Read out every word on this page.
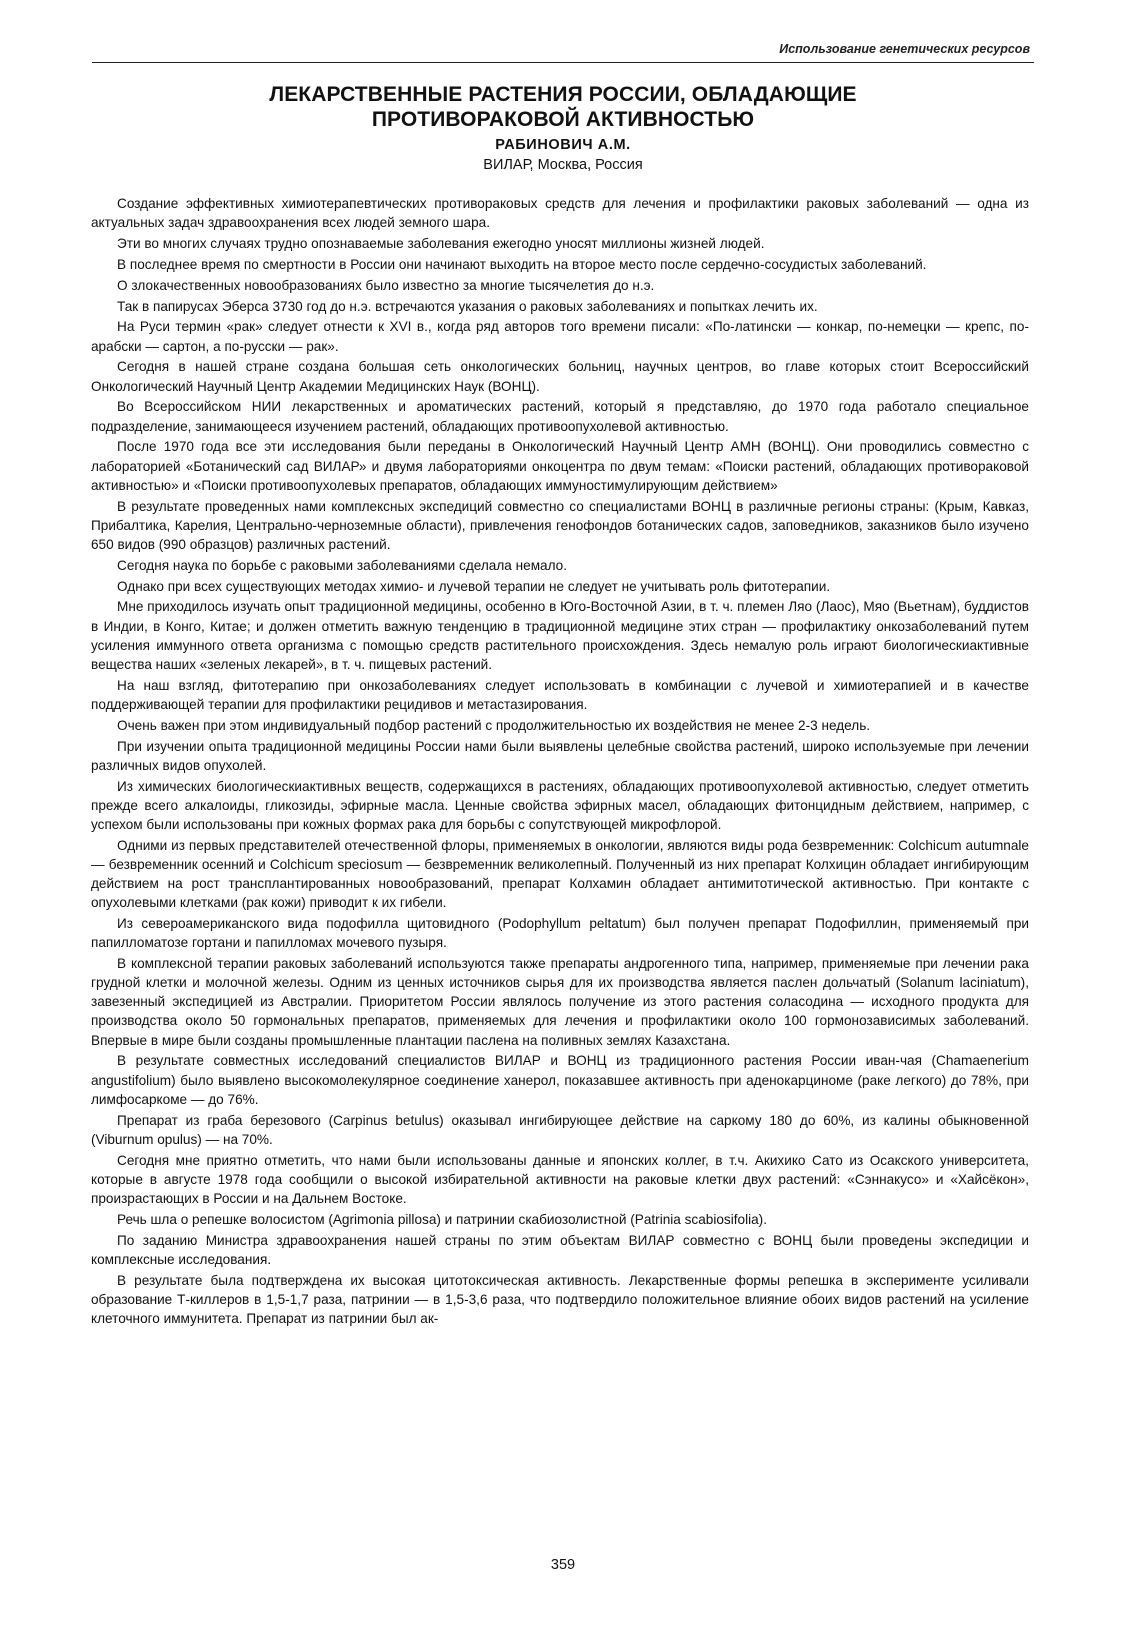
Использование генетических ресурсов
ЛЕКАРСТВЕННЫЕ РАСТЕНИЯ РОССИИ, ОБЛАДАЮЩИЕ
ПРОТИВОРАКОВОЙ АКТИВНОСТЬЮ
РАБИНОВИЧ А.М.
ВИЛАР, Москва, Россия

Создание эффективных химиотерапевтических противораковых средств для лечения и профилактики раковых заболеваний — одна из актуальных задач здравоохранения всех людей земного шара.

Эти во многих случаях трудно опознаваемые заболевания ежегодно уносят миллионы жизней людей.

В последнее время по смертности в России они начинают выходить на второе место после сердечно-сосудистых заболеваний.

О злокачественных новообразованиях было известно за многие тысячелетия до н.э.

Так в папирусах Эберса 3730 год до н.э. встречаются указания о раковых заболеваниях и попытках лечить их.

На Руси термин «рак» следует отнести к XVI в., когда ряд авторов того времени писали: «По-латински — конкар, по-немецки — крепс, по-арабски — сартон, а по-русски — рак».

Сегодня в нашей стране создана большая сеть онкологических больниц, научных центров, во главе которых стоит Всероссийский Онкологический Научный Центр Академии Медицинских Наук (ВОНЦ).

Во Всероссийском НИИ лекарственных и ароматических растений, который я представляю, до 1970 года работало специальное подразделение, занимающееся изучением растений, обладающих противоопухолевой активностью.

После 1970 года все эти исследования были переданы в Онкологический Научный Центр АМН (ВОНЦ). Они проводились совместно с лабораторией «Ботанический сад ВИЛАР» и двумя лабораториями онкоцентра по двум темам: «Поиски растений, обладающих противораковой активностью» и «Поиски противоопухолевых препаратов, обладающих иммуностимулирующим действием»

В результате проведенных нами комплексных экспедиций совместно со специалистами ВОНЦ в различные регионы страны: (Крым, Кавказ, Прибалтика, Карелия, Центрально-черноземные области), привлечения генофондов ботанических садов, заповедников, заказников было изучено 650 видов (990 образцов) различных растений.

Сегодня наука по борьбе с раковыми заболеваниями сделала немало.

Однако при всех существующих методах химио- и лучевой терапии не следует не учитывать роль фитотерапии.

Мне приходилось изучать опыт традиционной медицины, особенно в Юго-Восточной Азии, в т. ч. племен Ляо (Лаос), Мяо (Вьетнам), буддистов в Индии, в Конго, Китае; и должен отметить важную тенденцию в традиционной медицине этих стран — профилактику онкозаболеваний путем усиления иммунного ответа организма с помощью средств растительного происхождения. Здесь немалую роль играют биологическиактивные вещества наших «зеленых лекарей», в т. ч. пищевых растений.

На наш взгляд, фитотерапию при онкозаболеваниях следует использовать в комбинации с лучевой и химиотерапией и в качестве поддерживающей терапии для профилактики рецидивов и метастазирования.

Очень важен при этом индивидуальный подбор растений с продолжительностью их воздействия не менее 2-3 недель.

При изучении опыта традиционной медицины России нами были выявлены целебные свойства растений, широко используемые при лечении различных видов опухолей.

Из химических биологическиактивных веществ, содержащихся в растениях, обладающих противоопухолевой активностью, следует отметить прежде всего алкалоиды, гликозиды, эфирные масла. Ценные свойства эфирных масел, обладающих фитонцидным действием, например, с успехом были использованы при кожных формах рака для борьбы с сопутствующей микрофлорой.

Одними из первых представителей отечественной флоры, применяемых в онкологии, являются виды рода безвременник: Colchicum autumnale — безвременник осенний и Colchicum speciosum — безвременник великолепный. Полученный из них препарат Колхицин обладает ингибирующим действием на рост трансплантированных новообразований, препарат Колхамин обладает антимитотической активностью. При контакте с опухолевыми клетками (рак кожи) приводит к их гибели.

Из североамериканского вида подофилла щитовидного (Podophyllum peltatum) был получен препарат Подофиллин, применяемый при папилломатозе гортани и папилломах мочевого пузыря.

В комплексной терапии раковых заболеваний используются также препараты андрогенного типа, например, применяемые при лечении рака грудной клетки и молочной железы. Одним из ценных источников сырья для их производства является паслен дольчатый (Solanum laciniatum), завезенный экспедицией из Австралии. Приоритетом России являлось получение из этого растения соласодина — исходного продукта для производства около 50 гормональных препаратов, применяемых для лечения и профилактики около 100 гормонозависимых заболеваний. Впервые в мире были созданы промышленные плантации паслена на поливных землях Казахстана.

В результате совместных исследований специалистов ВИЛАР и ВОНЦ из традиционного растения России иван-чая (Chamaenerium angustifolium) было выявлено высокомолекулярное соединение ханерол, показавшее активность при аденокарциноме (раке легкого) до 78%, при лимфосаркоме — до 76%.

Препарат из граба березового (Carpinus betulus) оказывал ингибирующее действие на саркому 180 до 60%, из калины обыкновенной (Viburnum opulus) — на 70%.

Сегодня мне приятно отметить, что нами были использованы данные и японских коллег, в т.ч. Акихико Сато из Осакского университета, которые в августе 1978 года сообщили о высокой избирательной активности на раковые клетки двух растений: «Сэннакусо» и «Хайсёкон», произрастающих в России и на Дальнем Востоке.

Речь шла о репешке волосистом (Agrimonia pillosa) и патринии скабиозолистной (Patrinia scabiosifolia).

По заданию Министра здравоохранения нашей страны по этим объектам ВИЛАР совместно с ВОНЦ были проведены экспедиции и комплексные исследования.

В результате была подтверждена их высокая цитотоксическая активность. Лекарственные формы репешка в эксперименте усиливали образование Т-киллеров в 1,5-1,7 раза, патринии — в 1,5-3,6 раза, что подтвердило положительное влияние обоих видов растений на усиление клеточного иммунитета. Препарат из патринии был ак-

359
